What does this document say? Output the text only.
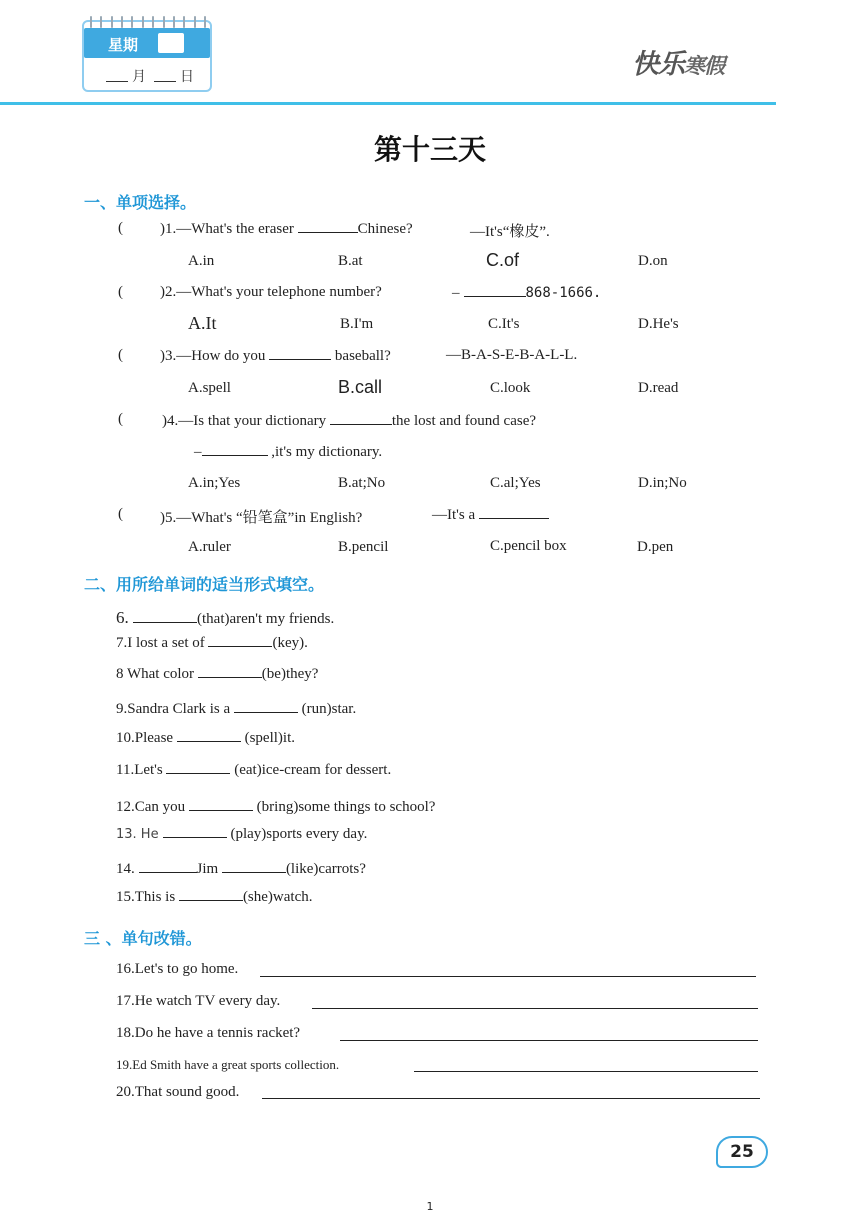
星期
月 日	快乐寒假
第十三天
一、单项选择。
( )1.—What's the eraser	Chinese?	—It's“橡皮”.
A.in	B.at	C.of	D.on
( )2.—What's your telephone number?	–	868-1666.
A.It	B.I'm	C.It's	D.He's
( )3.—How do you	baseball?	—B-A-S-E-B-A-L-L.
A.spell	B.call	C.look	D.read
(	)4.—Is that your dictionary	the lost and found case?
–	,it's my dictionary.
A.in;Yes	B.at;No	C.al;Yes	D.in;No
( )5.—What's “铅笔盒”in English?	—It's a
A.ruler	B.pencil	C.pencil box	D.pen
二、用所给单词的适当形式填空。
6.	(that)aren't my friends.
7.I lost a set of	(key).
8 What color	(be)they?
9.Sandra Clark is a	(run)star.
10.Please	(spell)it.
11.Let's	(eat)ice-cream for dessert.
12.Can you	(bring)some things to school?
13. He	(play)sports every day.
14.	Jim	(like)carrots?
15.This is	(she)watch.
三 、单句改错。
16.Let's to go home.
17.He watch TV every day.
18.Do he have a tennis racket?
19.Ed Smith have a great sports collection.
20.That sound good.
25
1
